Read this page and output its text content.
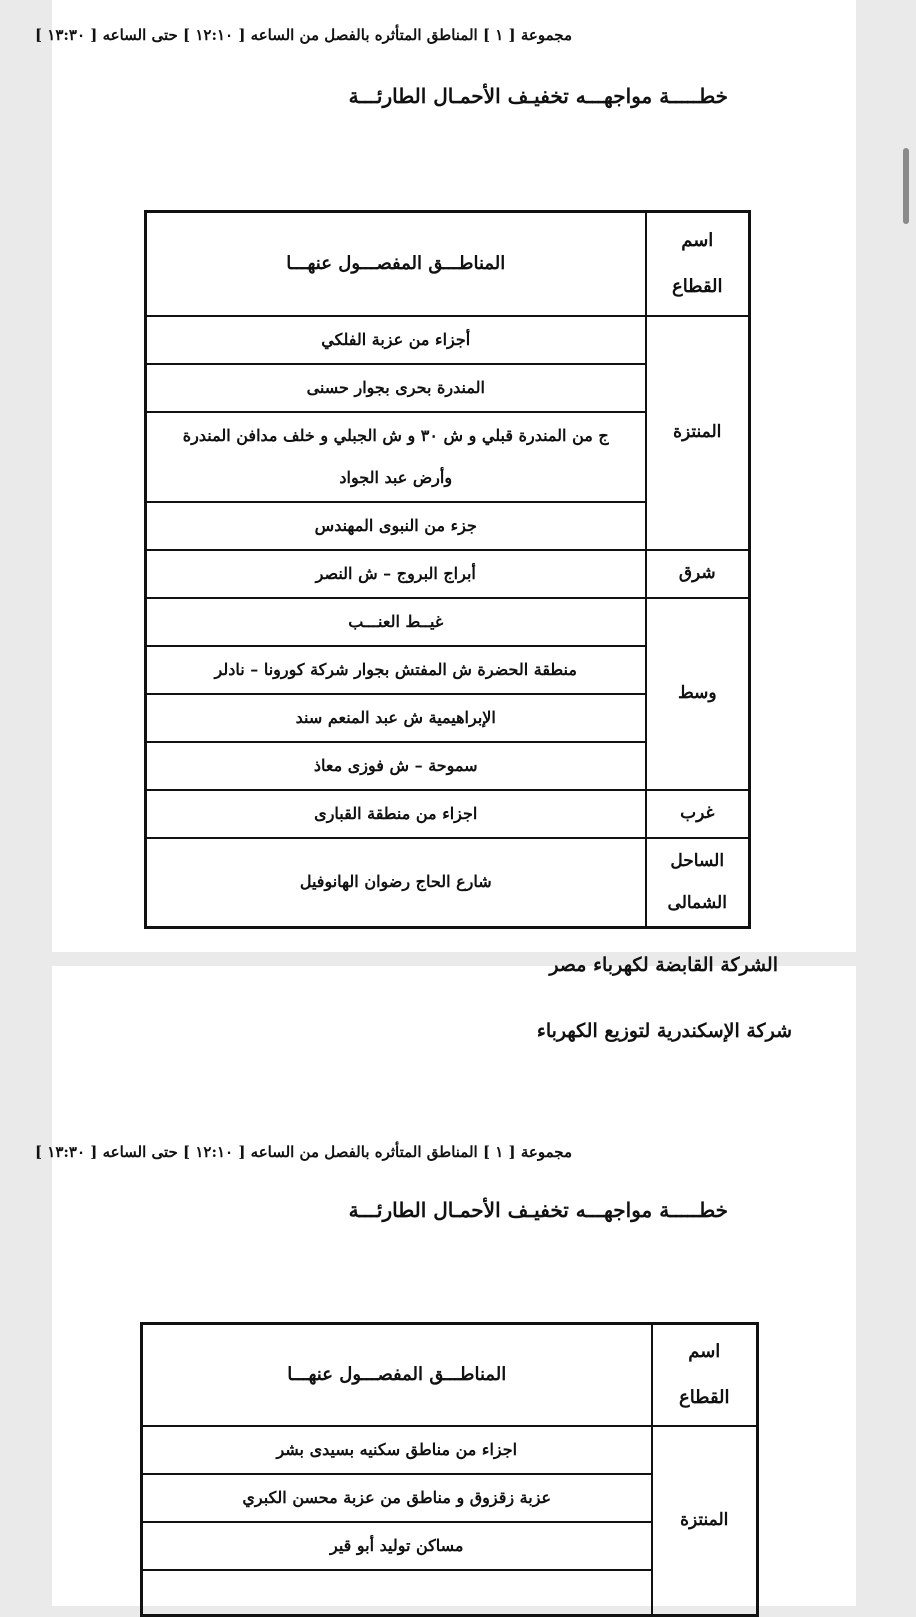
مجموعة [ ١ ] المناطق المتأثره بالفصل من الساعه [ ١٢:١٠ ] حتى الساعه [ ١٣:٣٠ ]
خطـــــة مواجهـــه تخفيـف الأحمـال الطارئـــة
اسم القطاع	المناطـــق المفصـــول عنهـــا
المنتزة	أجزاء من عزبة الفلكي
	المندرة بحرى بجوار حسنى
	ج من المندرة قبلي و ش ٣٠ و ش الجبلي و خلف مدافن المندرة وأرض عبد الجواد
	جزء من النبوى المهندس
شرق	أبراج البروج – ش النصر
وسط	غيــط العنـــب
	منطقة الحضرة ش المفتش بجوار شركة كورونا – نادلر
	الإبراهيمية ش عبد المنعم سند
	سموحة – ش فوزى معاذ
غرب	اجزاء من منطقة القبارى
الساحل الشمالى	شارع الحاج رضوان الهانوفيل
الشركة القابضة لكهرباء مصر
شركة الإسكندرية لتوزيع الكهرباء
مجموعة [ ١ ] المناطق المتأثره بالفصل من الساعه [ ١٢:١٠ ] حتى الساعه [ ١٣:٣٠ ]
خطـــــة مواجهـــه تخفيـف الأحمـال الطارئـــة
اسم القطاع	المناطـــق المفصـــول عنهـــا
المنتزة	اجزاء من مناطق سكنيه بسيدى بشر
	عزبة زقزوق و مناطق من عزبة محسن الكبري
	مساكن توليد أبو قير
